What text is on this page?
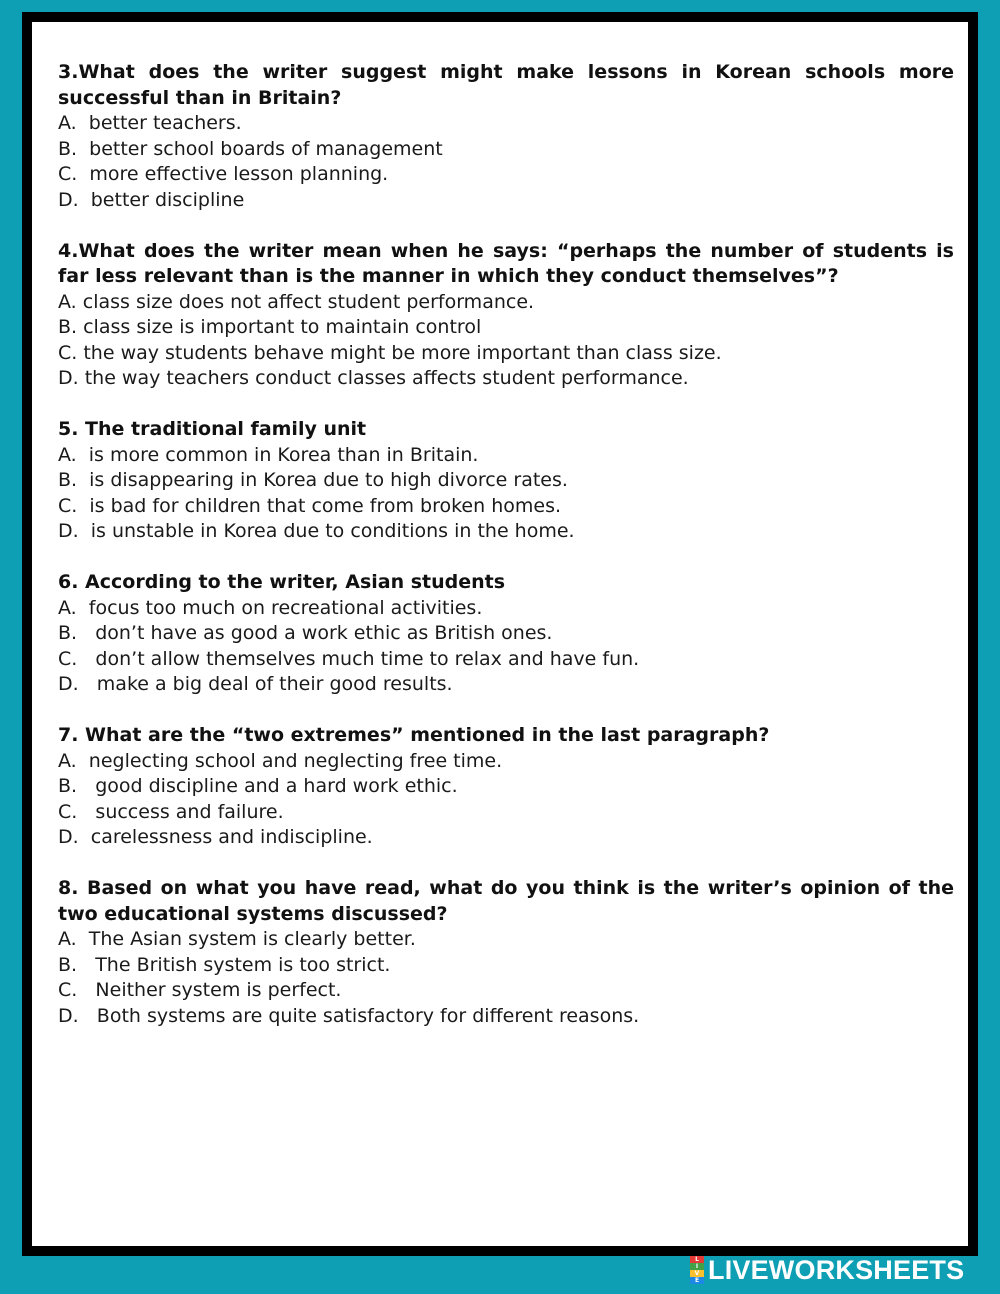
3.What does the writer suggest might make lessons in Korean schools more successful than in Britain?
A.  better teachers.
B.  better school boards of management
C.  more effective lesson planning.
D.  better discipline
4.What does the writer mean when he says: “perhaps the number of students is far less relevant than is the manner in which they conduct themselves”?
A. class size does not affect student performance.
B. class size is important to maintain control
C. the way students behave might be more important than class size.
D. the way teachers conduct classes affects student performance.
5. The traditional family unit
A.  is more common in Korea than in Britain.
B.  is disappearing in Korea due to high divorce rates.
C.  is bad for children that come from broken homes.
D.  is unstable in Korea due to conditions in the home.
6. According to the writer, Asian students
A.  focus too much on recreational activities.
B.   don’t have as good a work ethic as British ones.
C.   don’t allow themselves much time to relax and have fun.
D.   make a big deal of their good results.
7. What are the “two extremes” mentioned in the last paragraph?
A.  neglecting school and neglecting free time.
B.   good discipline and a hard work ethic.
C.   success and failure.
D.  carelessness and indiscipline.
8. Based on what you have read, what do you think is the writer’s opinion of the two educational systems discussed?
A.  The Asian system is clearly better.
B.   The British system is too strict.
C.   Neither system is perfect.
D.   Both systems are quite satisfactory for different reasons.
L
I
V
E LIVEWORKSHEETS
